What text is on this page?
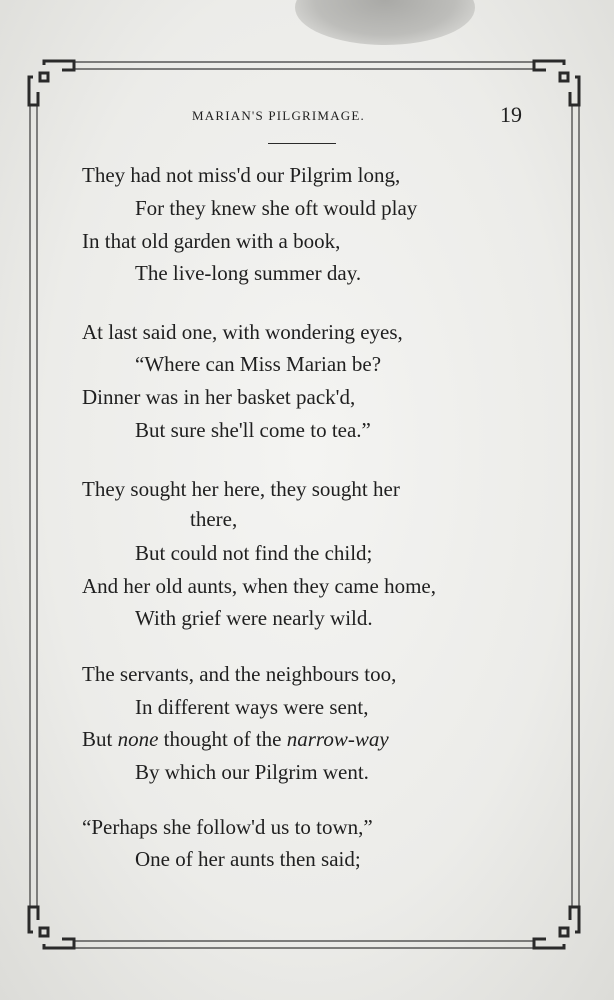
MARIAN'S PILGRIMAGE.	19
They had not miss'd our Pilgrim long,
For they knew she oft would play
In that old garden with a book,
The live-long summer day.
At last said one, with wondering eyes,
“Where can Miss Marian be?
Dinner was in her basket pack'd,
But sure she'll come to tea.”
They sought her here, they sought her
there,
But could not find the child;
And her old aunts, when they came home,
With grief were nearly wild.
The servants, and the neighbours too,
In different ways were sent,
But none thought of the narrow-way
By which our Pilgrim went.
“Perhaps she follow'd us to town,”
One of her aunts then said;
